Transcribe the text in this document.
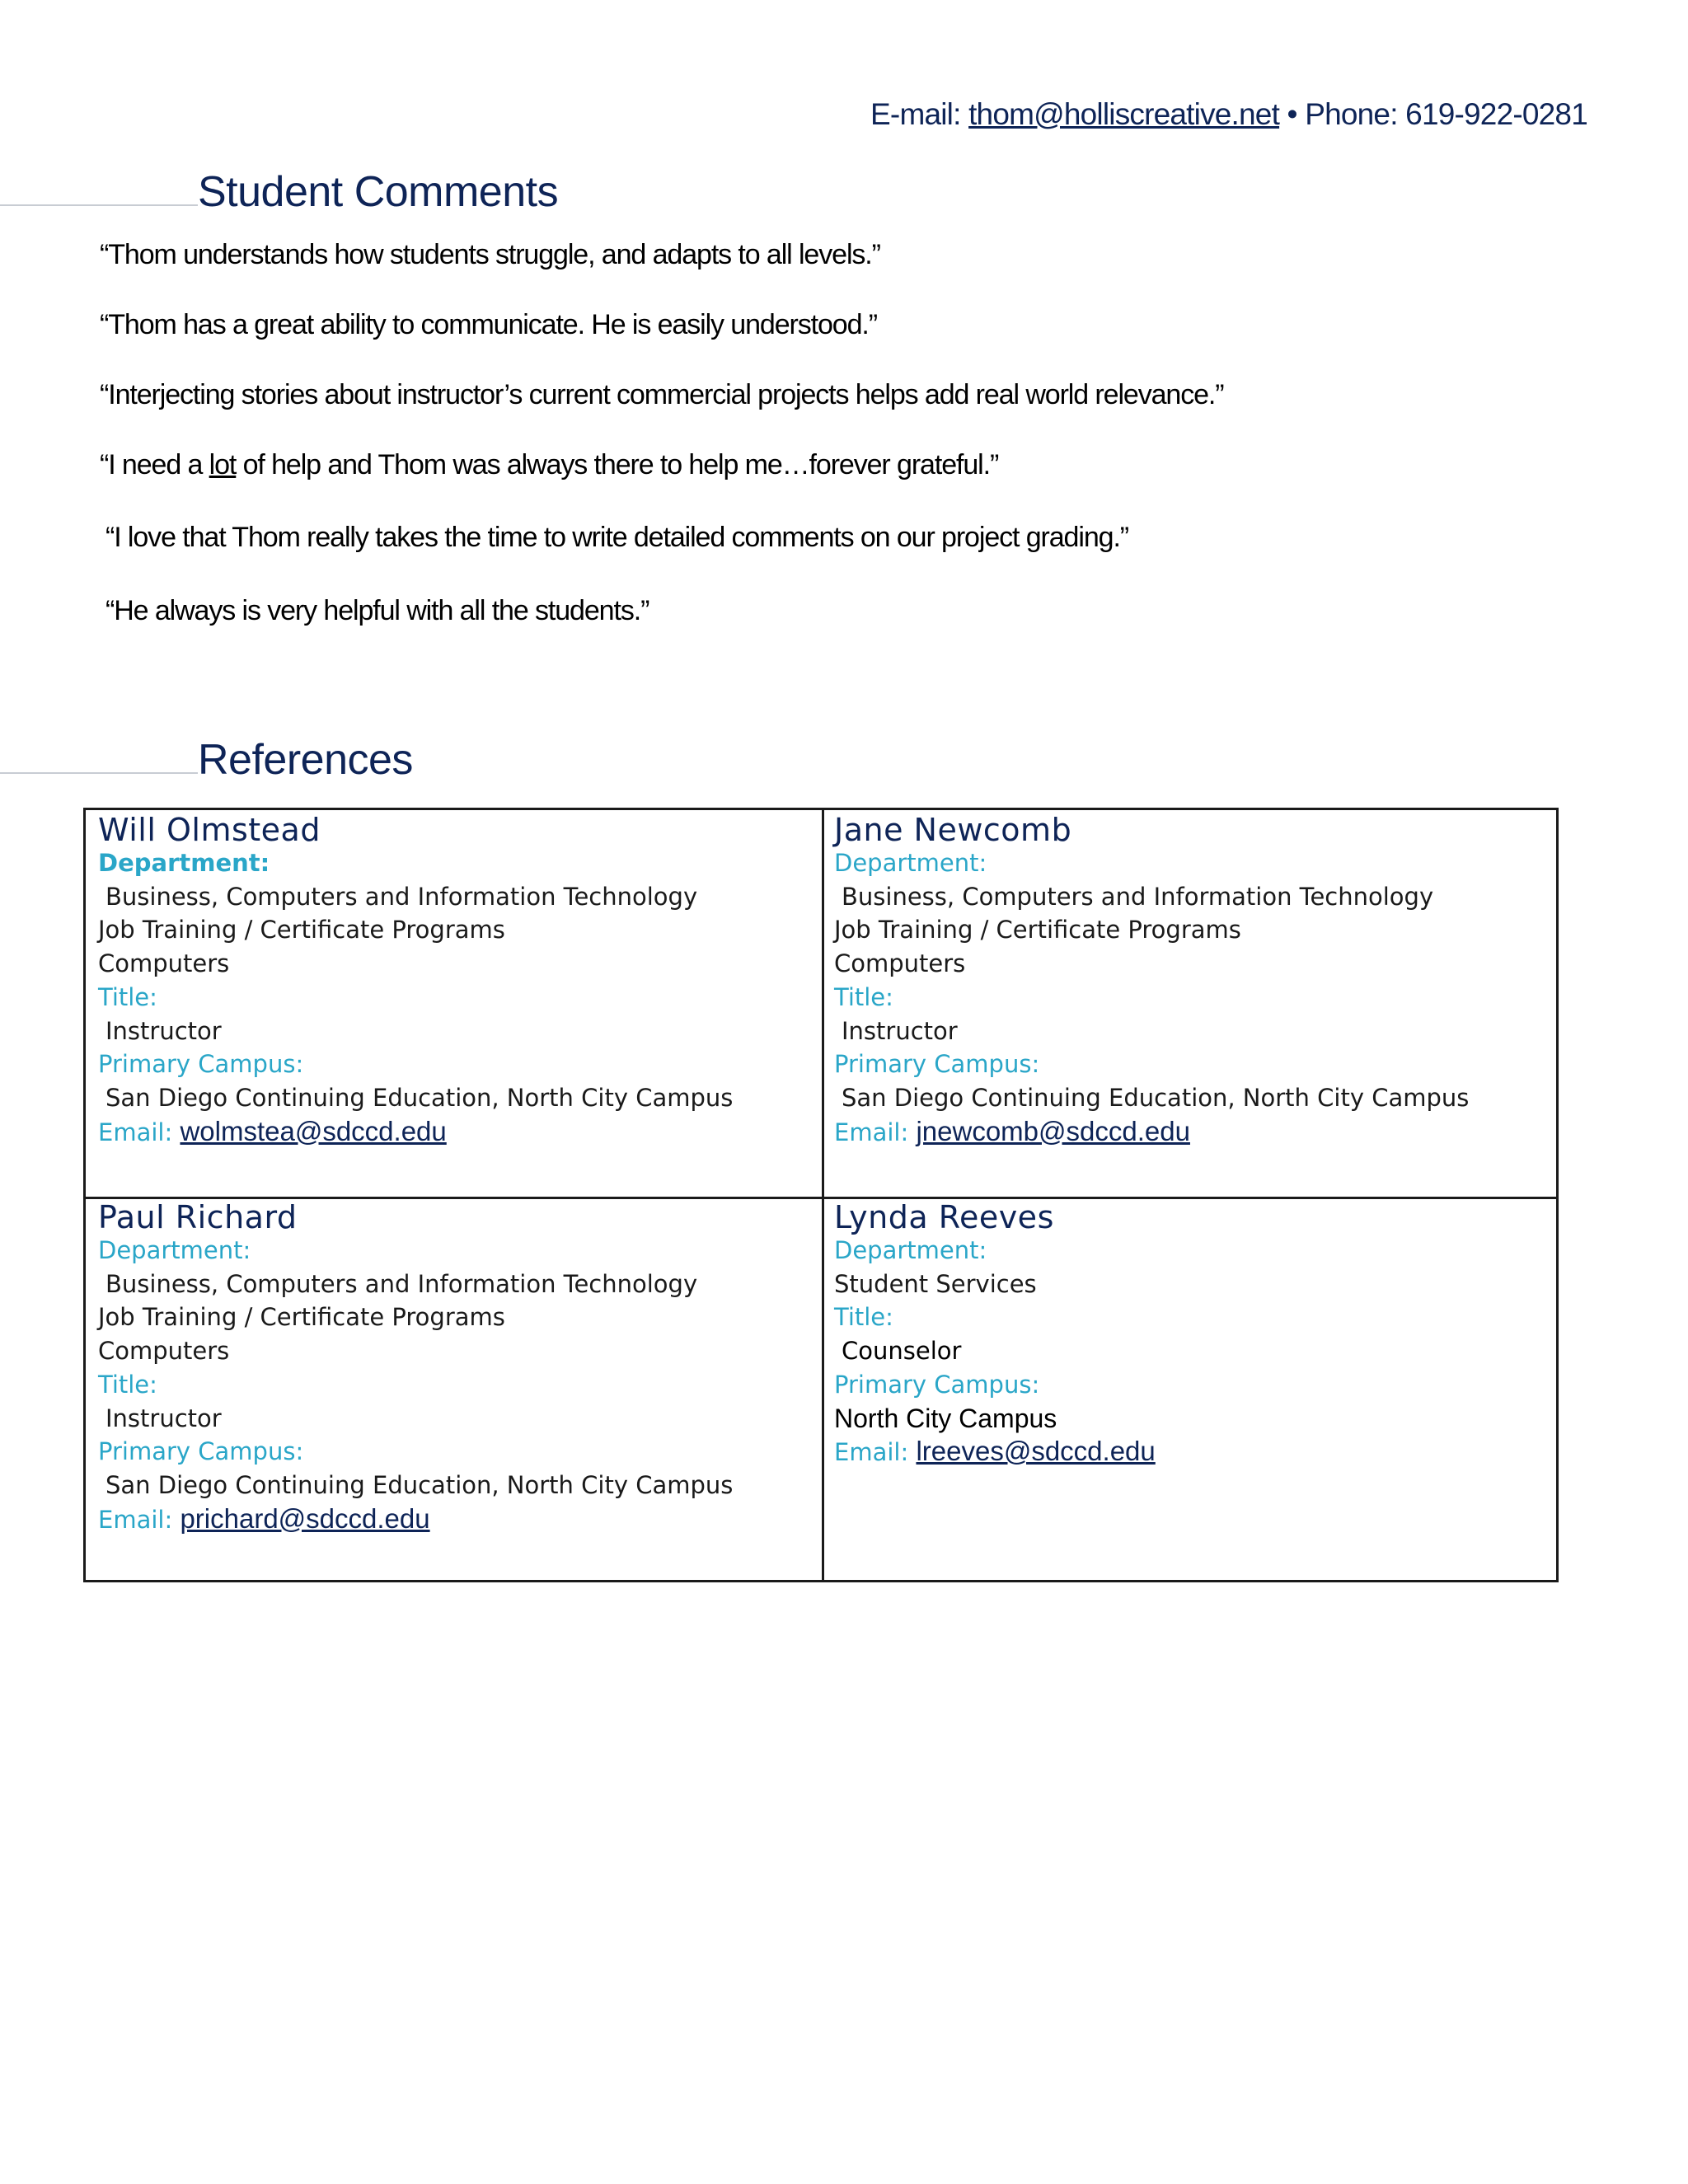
E-mail: thom@holliscreative.net • Phone: 619-922-0281
Student Comments
“Thom understands how students struggle, and adapts to all levels.”
“Thom has a great ability to communicate. He is easily understood.”
“Interjecting stories about instructor’s current commercial projects helps add real world relevance.”
“I need a lot of help and Thom was always there to help me…forever grateful.”
“I love that Thom really takes the time to write detailed comments on our project grading.”
“He always is very helpful with all the students.”
References
Will Olmstead
Department:
Business, Computers and Information Technology
Job Training / Certificate Programs
Computers
Title:
Instructor
Primary Campus:
San Diego Continuing Education, North City Campus
Email: wolmstea@sdccd.edu
Jane Newcomb
Department:
Business, Computers and Information Technology
Job Training / Certificate Programs
Computers
Title:
Instructor
Primary Campus:
San Diego Continuing Education, North City Campus
Email: jnewcomb@sdccd.edu
Paul Richard
Department:
Business, Computers and Information Technology
Job Training / Certificate Programs
Computers
Title:
Instructor
Primary Campus:
San Diego Continuing Education, North City Campus
Email: prichard@sdccd.edu
Lynda Reeves
Department:
Student Services
Title:
Counselor
Primary Campus:
North City Campus
Email: lreeves@sdccd.edu
